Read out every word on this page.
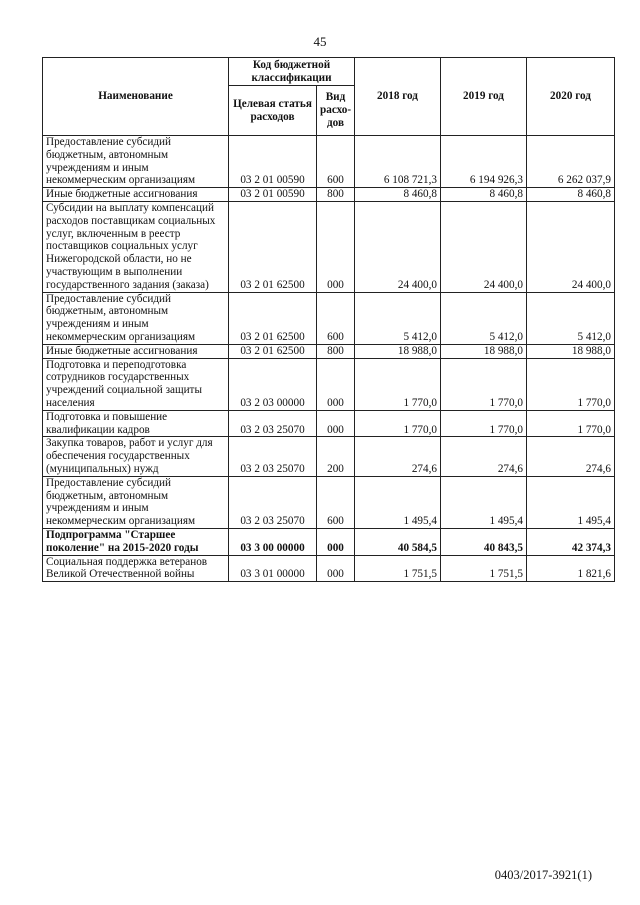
45
Наименование	Код бюджетной классификации		2018 год	2019 год	2020 год
	Целевая статья расходов	Вид расхо-дов			
Предоставление субсидий бюджетным, автономным учреждениям и иным некоммерческим организациям	03 2 01 00590	600	6 108 721,3	6 194 926,3	6 262 037,9
Иные бюджетные ассигнования	03 2 01 00590	800	8 460,8	8 460,8	8 460,8
Субсидии на выплату компенсаций расходов поставщикам социальных услуг, включенным в реестр поставщиков социальных услуг Нижегородской области, но не участвующим в выполнении государственного задания (заказа)	03 2 01 62500	000	24 400,0	24 400,0	24 400,0
Предоставление субсидий бюджетным, автономным учреждениям и иным некоммерческим организациям	03 2 01 62500	600	5 412,0	5 412,0	5 412,0
Иные бюджетные ассигнования	03 2 01 62500	800	18 988,0	18 988,0	18 988,0
Подготовка и переподготовка сотрудников государственных учреждений социальной защиты населения	03 2 03 00000	000	1 770,0	1 770,0	1 770,0
Подготовка и повышение квалификации кадров	03 2 03 25070	000	1 770,0	1 770,0	1 770,0
Закупка товаров, работ и услуг для обеспечения государственных (муниципальных) нужд	03 2 03 25070	200	274,6	274,6	274,6
Предоставление субсидий бюджетным, автономным учреждениям и иным некоммерческим организациям	03 2 03 25070	600	1 495,4	1 495,4	1 495,4
Подпрограмма "Старшее поколение" на 2015-2020 годы	03 3 00 00000	000	40 584,5	40 843,5	42 374,3
Социальная поддержка ветеранов Великой Отечественной войны	03 3 01 00000	000	1 751,5	1 751,5	1 821,6
0403/2017-3921(1)
